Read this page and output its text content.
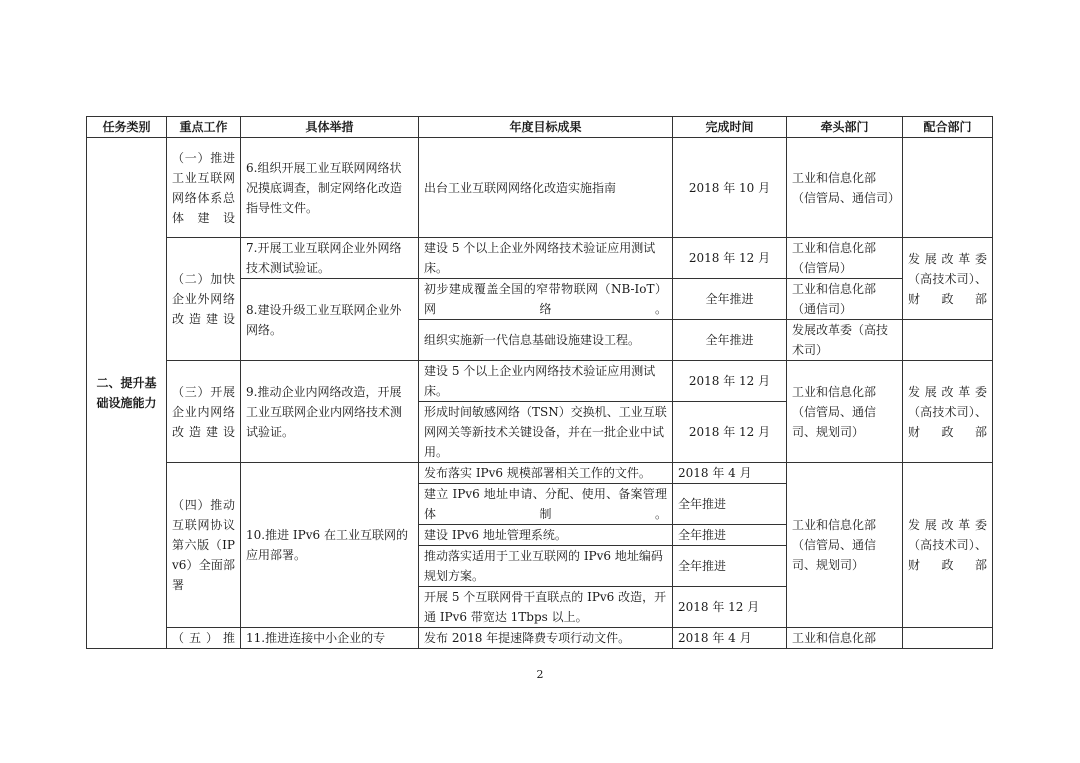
任务类别	重点工作	具体举措	年度目标成果	完成时间	牵头部门	配合部门
二、提升基础设施能力	（一）推进工业互联网网络体系总体建设	6.组织开展工业互联网网络状况摸底调查，制定网络化改造指导性文件。	出台工业互联网网络化改造实施指南	2018 年 10 月	工业和信息化部（信管局、通信司）	
	（二）加快企业外网络改造建设	7.开展工业互联网企业外网络技术测试验证。	建设 5 个以上企业外网络技术验证应用测试床。	2018 年 12 月	工业和信息化部（信管局）	发展改革委（高技术司）、财政部
		8.建设升级工业互联网企业外网络。	初步建成覆盖全国的窄带物联网（NB-IoT）网络。	全年推进	工业和信息化部（通信司）	
			组织实施新一代信息基础设施建设工程。	全年推进	发展改革委（高技术司）	
	（三）开展企业内网络改造建设	9.推动企业内网络改造，开展工业互联网企业内网络技术测试验证。	建设 5 个以上企业内网络技术验证应用测试床。	2018 年 12 月	工业和信息化部（信管局、通信司、规划司）	发展改革委（高技术司）、财政部
			形成时间敏感网络（TSN）交换机、工业互联网网关等新技术关键设备，并在一批企业中试用。	2018 年 12 月		
	（四）推动互联网协议第六版（IPv6）全面部署	10.推进 IPv6 在工业互联网的应用部署。	发布落实 IPv6 规模部署相关工作的文件。	2018 年 4 月	工业和信息化部（信管局、通信司、规划司）	发展改革委（高技术司）、财政部
			建立 IPv6 地址申请、分配、使用、备案管理体制。	全年推进		
			建设 IPv6 地址管理系统。	全年推进		
			推动落实适用于工业互联网的 IPv6 地址编码规划方案。	全年推进		
			开展 5 个互联网骨干直联点的 IPv6 改造，开通 IPv6 带宽达 1Tbps 以上。	2018 年 12 月		
	（五）推	11.推进连接中小企业的专	发布 2018 年提速降费专项行动文件。	2018 年 4 月	工业和信息化部	
2
